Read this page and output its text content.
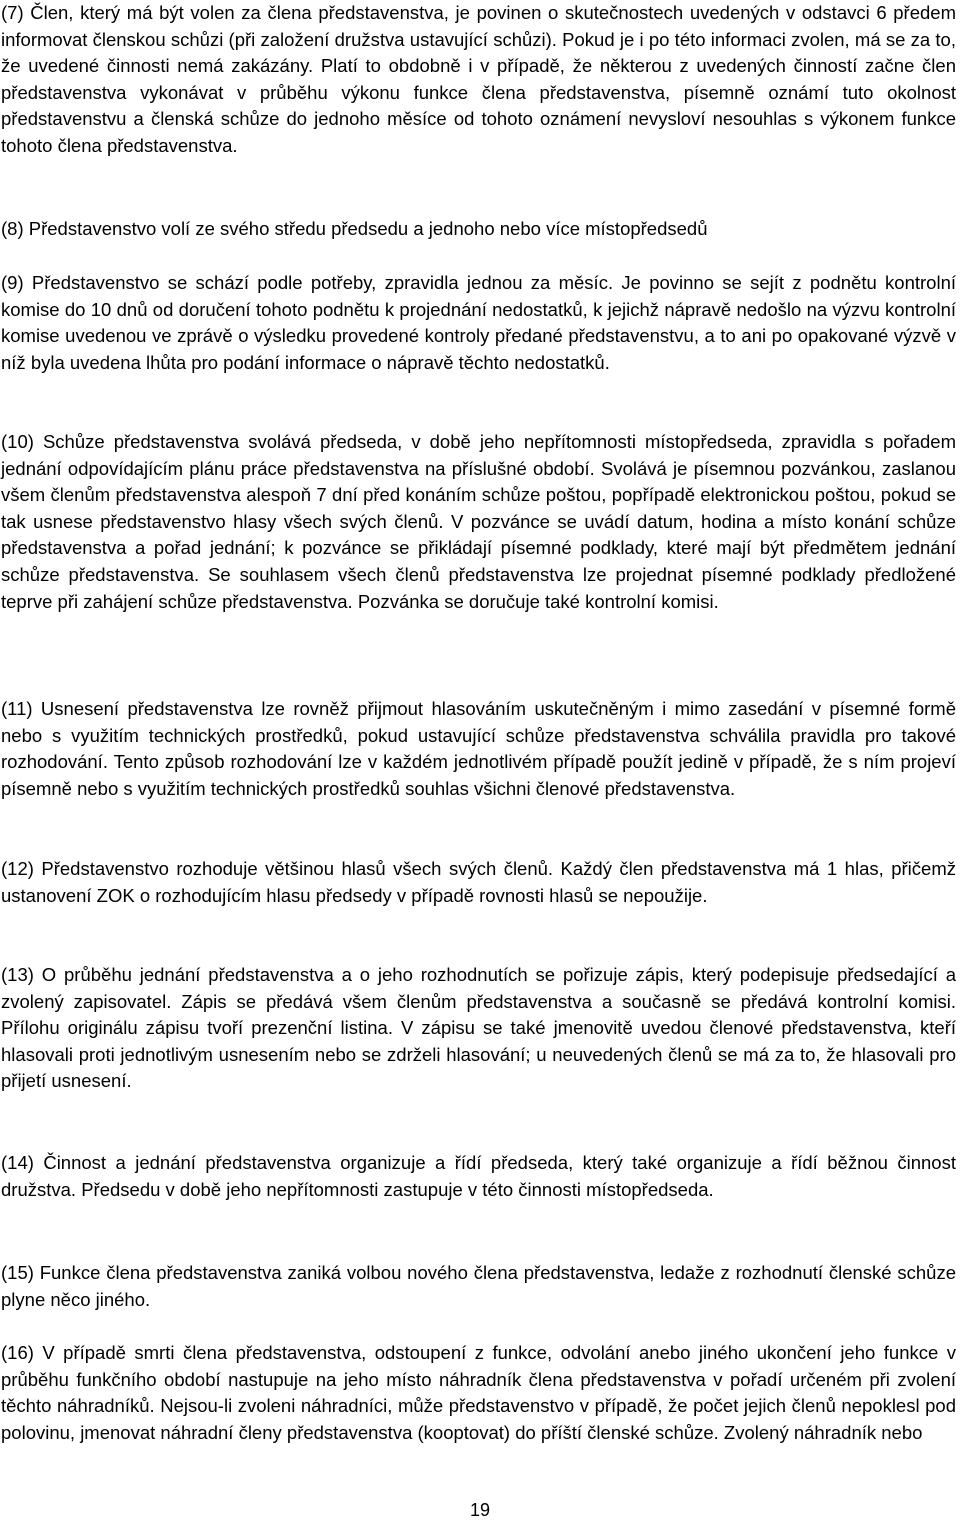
(7) Člen, který má být volen za člena představenstva, je povinen o skutečnostech uvedených v odstavci 6 předem informovat členskou schůzi (při založení družstva ustavující schůzi). Pokud je i po této informaci zvolen, má se za to, že uvedené činnosti nemá zakázány. Platí to obdobně i v případě, že některou z uvedených činností začne člen představenstva vykonávat v průběhu výkonu funkce člena představenstva, písemně oznámí tuto okolnost představenstvu a členská schůze do jednoho měsíce od tohoto oznámení nevysloví nesouhlas s výkonem funkce tohoto člena představenstva.

(8) Představenstvo volí ze svého středu předsedu a jednoho nebo více místopředsedů

(9) Představenstvo se schází podle potřeby, zpravidla jednou za měsíc. Je povinno se sejít z podnětu kontrolní komise do 10 dnů od doručení tohoto podnětu k projednání nedostatků, k jejichž nápravě nedošlo na výzvu kontrolní komise uvedenou ve zprávě o výsledku provedené kontroly předané představenstvu, a to ani po opakované výzvě v níž byla uvedena lhůta pro podání informace o nápravě těchto nedostatků.

(10) Schůze představenstva svolává předseda, v době jeho nepřítomnosti místopředseda, zpravidla s pořadem jednání odpovídajícím plánu práce představenstva na příslušné období. Svolává je písemnou pozvánkou, zaslanou všem členům představenstva alespoň 7 dní před konáním schůze poštou, popřípadě elektronickou poštou, pokud se tak usnese představenstvo hlasy všech svých členů. V pozvánce se uvádí datum, hodina a místo konání schůze představenstva a pořad jednání; k pozvánce se přikládají písemné podklady, které mají být předmětem jednání schůze představenstva. Se souhlasem všech členů představenstva lze projednat písemné podklady předložené teprve při zahájení schůze představenstva. Pozvánka se doručuje také kontrolní komisi.

(11) Usnesení představenstva lze rovněž přijmout hlasováním uskutečněným i mimo zasedání v písemné formě nebo s využitím technických prostředků, pokud ustavující schůze představenstva schválila pravidla pro takové rozhodování. Tento způsob rozhodování lze v každém jednotlivém případě použít jedině v případě, že s ním projeví písemně nebo s využitím technických prostředků souhlas všichni členové představenstva.

(12) Představenstvo rozhoduje většinou hlasů všech svých členů. Každý člen představenstva má 1 hlas, přičemž ustanovení ZOK o rozhodujícím hlasu předsedy v případě rovnosti hlasů se nepoužije.

(13) O průběhu jednání představenstva a o jeho rozhodnutích se pořizuje zápis, který podepisuje předsedající a zvolený zapisovatel. Zápis se předává všem členům představenstva a současně se předává kontrolní komisi. Přílohu originálu zápisu tvoří prezenční listina. V zápisu se také jmenovitě uvedou členové představenstva, kteří hlasovali proti jednotlivým usnesením nebo se zdrželi hlasování; u neuvedených členů se má za to, že hlasovali pro přijetí usnesení.

(14) Činnost a jednání představenstva organizuje a řídí předseda, který také organizuje a řídí běžnou činnost družstva. Předsedu v době jeho nepřítomnosti zastupuje v této činnosti místopředseda.

(15) Funkce člena představenstva zaniká volbou nového člena představenstva, ledaže z rozhodnutí členské schůze plyne něco jiného.

(16) V případě smrti člena představenstva, odstoupení z funkce, odvolání anebo jiného ukončení jeho funkce v průběhu funkčního období nastupuje na jeho místo náhradník člena představenstva v pořadí určeném při zvolení těchto náhradníků. Nejsou-li zvoleni náhradníci, může představenstvo v případě, že počet jejich členů nepoklesl pod polovinu, jmenovat náhradní členy představenstva (kooptovat) do příští členské schůze. Zvolený náhradník nebo

19
